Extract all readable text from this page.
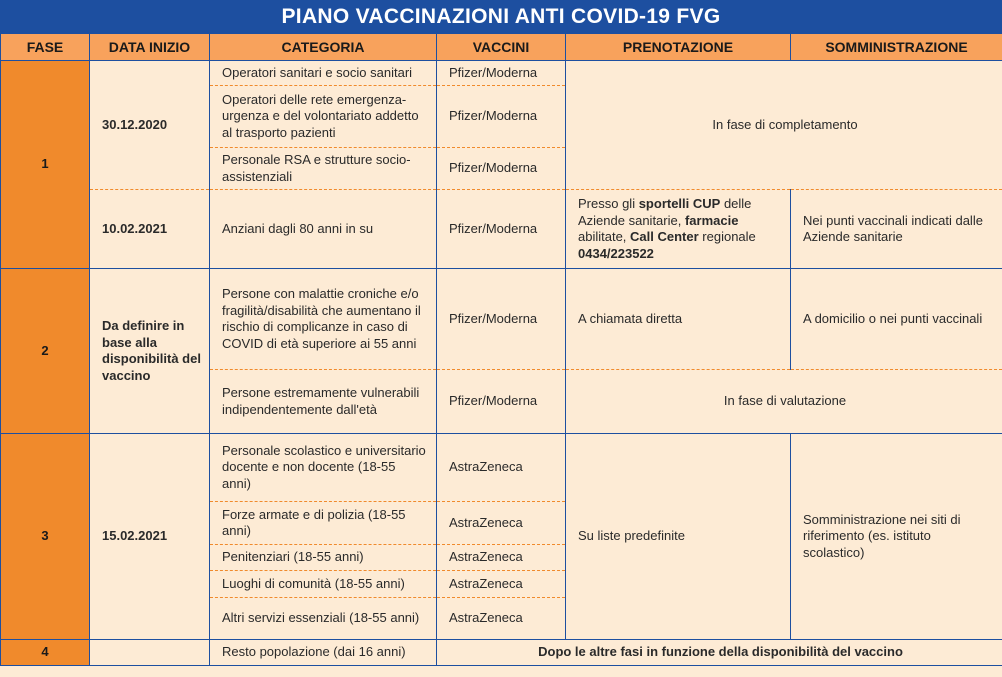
PIANO VACCINAZIONI ANTI COVID-19 FVG
FASE	DATA INIZIO	CATEGORIA	VACCINI	PRENOTAZIONE	SOMMINISTRAZIONE
1	30.12.2020	Operatori sanitari e socio sanitari	Pfizer/Moderna	In fase di completamento	
		Operatori delle rete emergenza-urgenza e del volontariato addetto al trasporto pazienti	Pfizer/Moderna		
		Personale RSA e strutture socio-assistenziali	Pfizer/Moderna		
	10.02.2021	Anziani dagli 80 anni in su	Pfizer/Moderna	Presso gli sportelli CUP delle Aziende sanitarie, farmacie abilitate, Call Center regionale 0434/223522	Nei punti vaccinali indicati dalle Aziende sanitarie
2	Da definire in base alla disponibilità del vaccino	Persone con malattie croniche e/o fragilità/disabilità che aumentano il rischio di complicanze in caso di COVID di età superiore ai 55 anni	Pfizer/Moderna	A chiamata diretta	A domicilio o nei punti vaccinali
		Persone estremamente vulnerabili indipendentemente dall'età	Pfizer/Moderna	In fase di valutazione	
3	15.02.2021	Personale scolastico e universitario docente e non docente (18-55 anni)	AstraZeneca	Su liste predefinite	Somministrazione nei siti di riferimento (es. istituto scolastico)
		Forze armate e di polizia (18-55 anni)	AstraZeneca		
		Penitenziari (18-55 anni)	AstraZeneca		
		Luoghi di comunità (18-55 anni)	AstraZeneca		
		Altri servizi essenziali (18-55 anni)	AstraZeneca		
4		Resto popolazione (dai 16 anni)	Dopo le altre fasi in funzione della disponibilità del vaccino		
